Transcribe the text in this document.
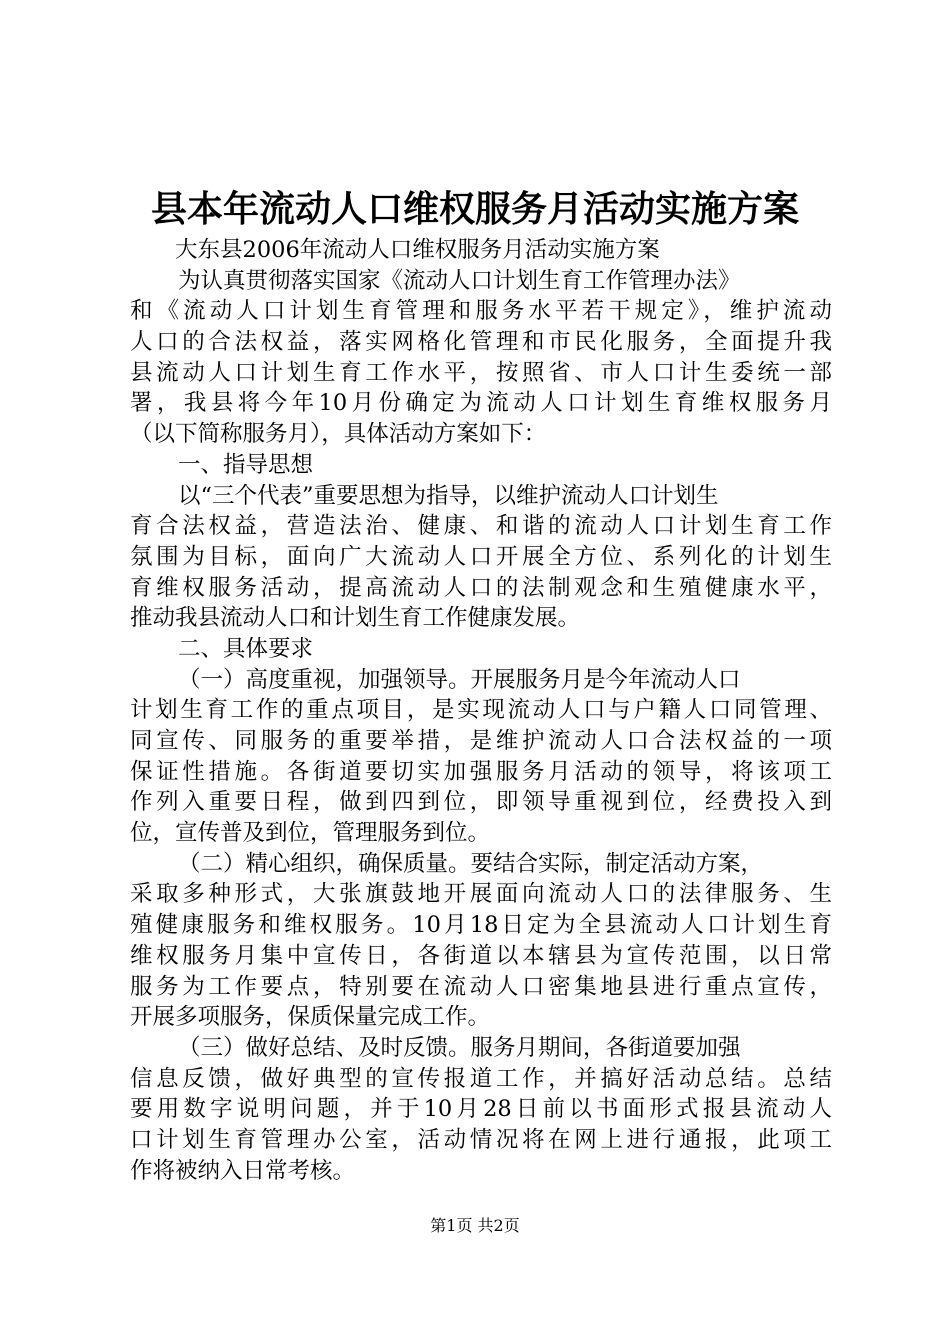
县本年流动人口维权服务月活动实施方案
大东县2006年流动人口维权服务月活动实施方案
为认真贯彻落实国家《流动人口计划生育工作管理办法》
和《流动人口计划生育管理和服务水平若干规定》，维护流动
人口的合法权益，落实网格化管理和市民化服务，全面提升我
县流动人口计划生育工作水平，按照省、市人口计生委统一部
署，我县将今年10月份确定为流动人口计划生育维权服务月
（以下简称服务月），具体活动方案如下：
一、指导思想
以“三个代表”重要思想为指导，以维护流动人口计划生
育合法权益，营造法治、健康、和谐的流动人口计划生育工作
氛围为目标，面向广大流动人口开展全方位、系列化的计划生
育维权服务活动，提高流动人口的法制观念和生殖健康水平，
推动我县流动人口和计划生育工作健康发展。
二、具体要求
（一）高度重视，加强领导。开展服务月是今年流动人口
计划生育工作的重点项目，是实现流动人口与户籍人口同管理、
同宣传、同服务的重要举措，是维护流动人口合法权益的一项
保证性措施。各街道要切实加强服务月活动的领导，将该项工
作列入重要日程，做到四到位，即领导重视到位，经费投入到
位，宣传普及到位，管理服务到位。
（二）精心组织，确保质量。要结合实际，制定活动方案，
采取多种形式，大张旗鼓地开展面向流动人口的法律服务、生
殖健康服务和维权服务。10月18日定为全县流动人口计划生育
维权服务月集中宣传日，各街道以本辖县为宣传范围，以日常
服务为工作要点，特别要在流动人口密集地县进行重点宣传，
开展多项服务，保质保量完成工作。
（三）做好总结、及时反馈。服务月期间，各街道要加强
信息反馈，做好典型的宣传报道工作，并搞好活动总结。总结
要用数字说明问题，并于10月28日前以书面形式报县流动人
口计划生育管理办公室，活动情况将在网上进行通报，此项工
作将被纳入日常考核。
第1页 共2页
